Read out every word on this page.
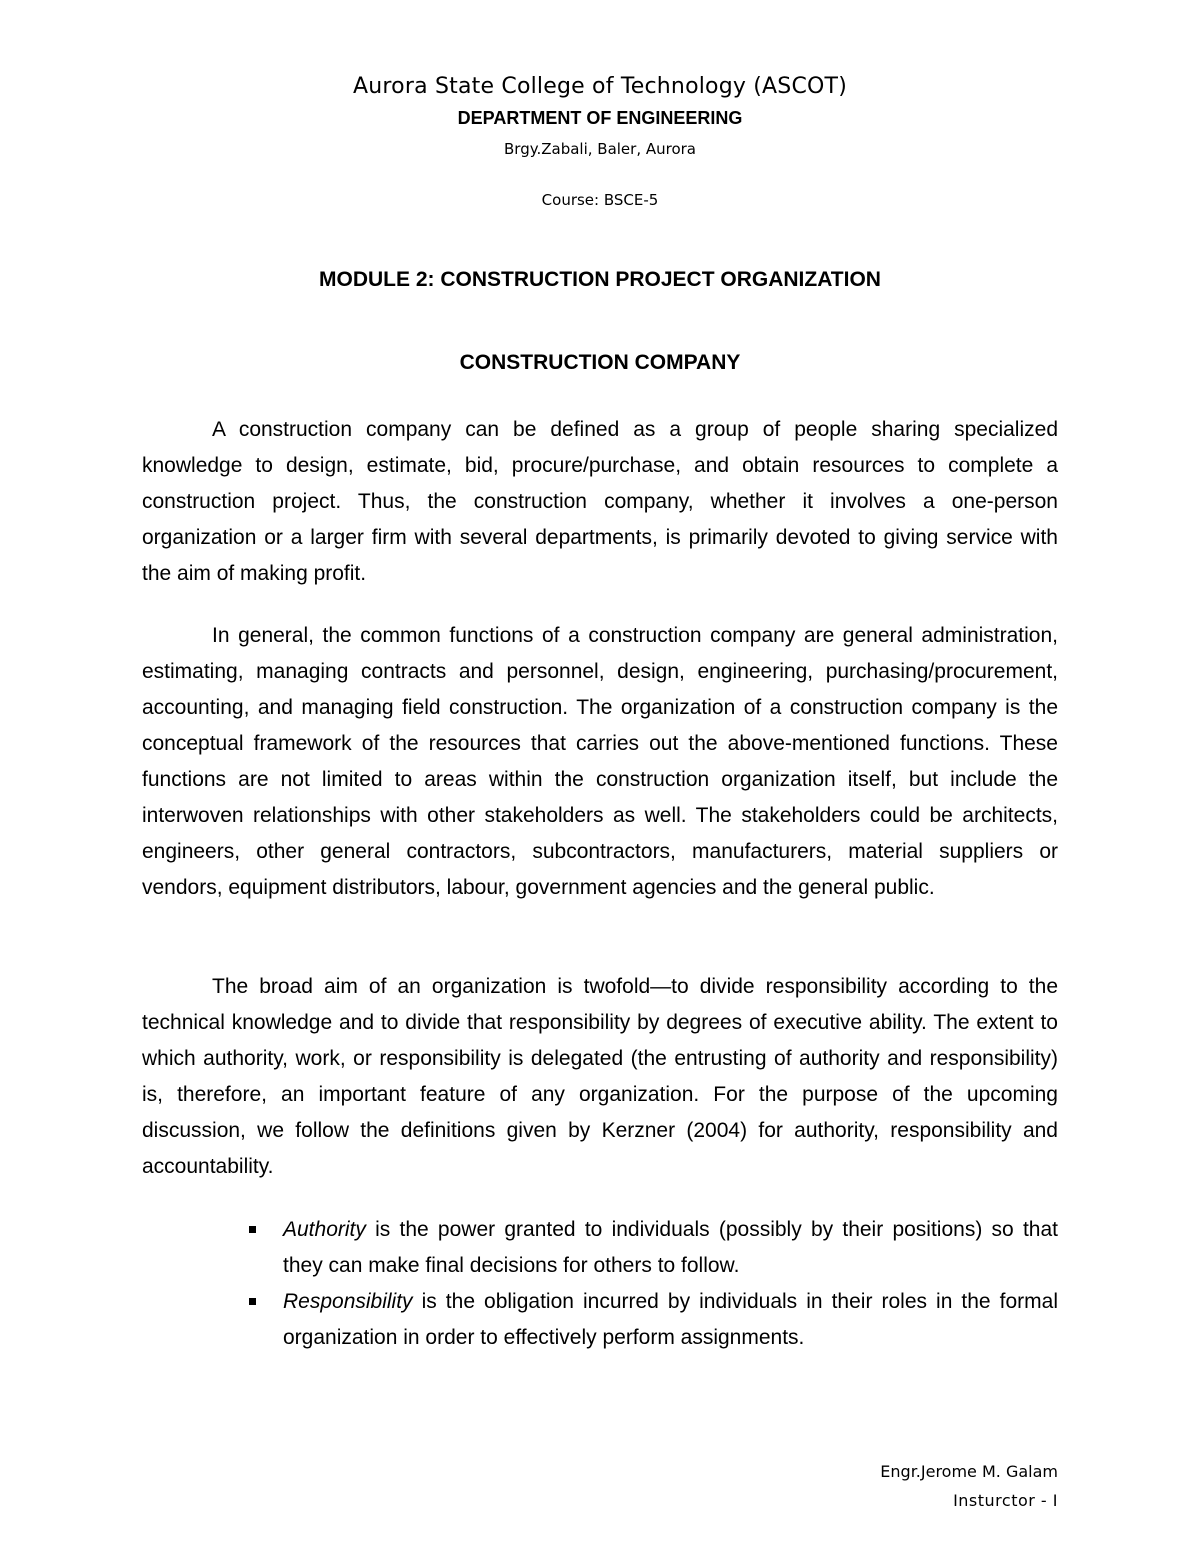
Aurora State College of Technology (ASCOT)
DEPARTMENT OF ENGINEERING
Brgy.Zabali, Baler, Aurora
Course: BSCE-5
MODULE 2: CONSTRUCTION PROJECT ORGANIZATION
CONSTRUCTION COMPANY

A construction company can be defined as a group of people sharing specialized knowledge to design, estimate, bid, procure/purchase, and obtain resources to complete a construction project. Thus, the construction company, whether it involves a one-person organization or a larger firm with several departments, is primarily devoted to giving service with the aim of making profit.

In general, the common functions of a construction company are general administration, estimating, managing contracts and personnel, design, engineering, purchasing/procurement, accounting, and managing field construction. The organization of a construction company is the conceptual framework of the resources that carries out the above-mentioned functions. These functions are not limited to areas within the construction organization itself, but include the interwoven relationships with other stakeholders as well. The stakeholders could be architects, engineers, other general contractors, subcontractors, manufacturers, material suppliers or vendors, equipment distributors, labour, government agencies and the general public.

The broad aim of an organization is twofold—to divide responsibility according to the technical knowledge and to divide that responsibility by degrees of executive ability. The extent to which authority, work, or responsibility is delegated (the entrusting of authority and responsibility) is, therefore, an important feature of any organization. For the purpose of the upcoming discussion, we follow the definitions given by Kerzner (2004) for authority, responsibility and accountability.

Authority is the power granted to individuals (possibly by their positions) so that they can make final decisions for others to follow.
Responsibility is the obligation incurred by individuals in their roles in the formal organization in order to effectively perform assignments.
Engr.Jerome M. Galam
Insturctor - I
